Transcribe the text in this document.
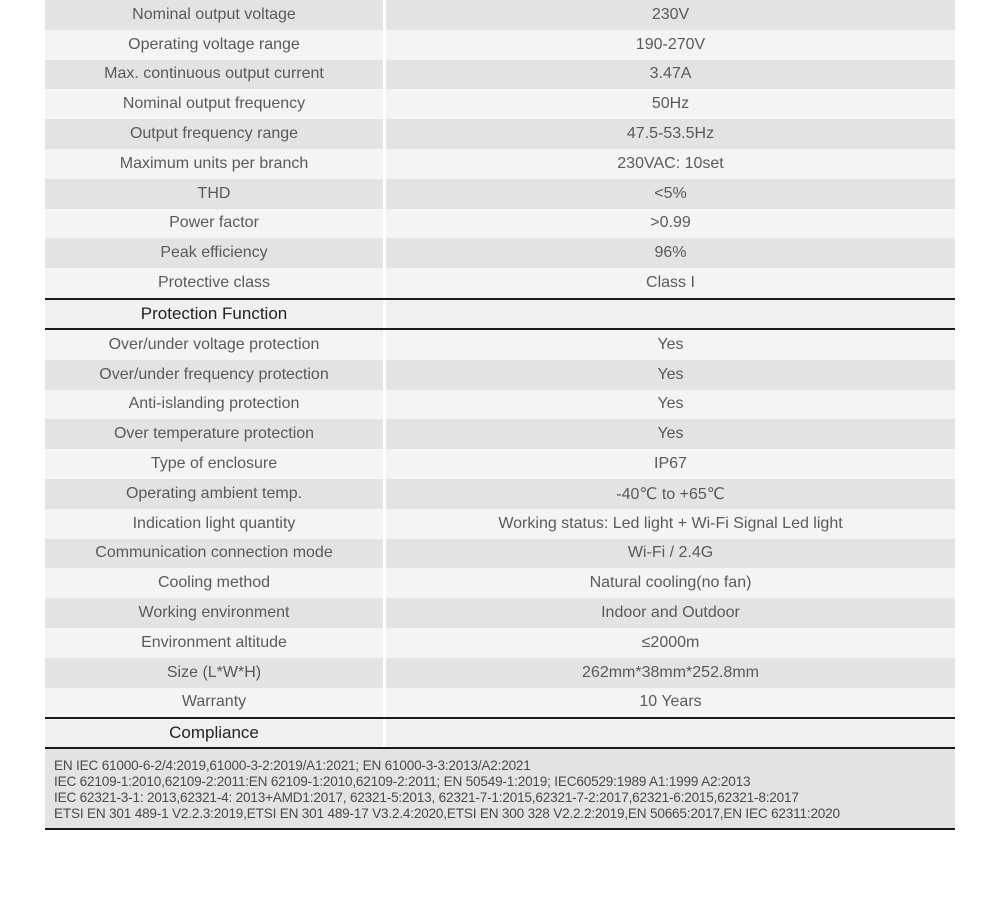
Nominal output voltage	230V
Operating voltage range	190-270V
Max. continuous output current	3.47A
Nominal output frequency	50Hz
Output frequency range	47.5-53.5Hz
Maximum units per branch	230VAC: 10set
THD	<5%
Power factor	>0.99
Peak efficiency	96%
Protective class	Class I
Protection Function
Over/under voltage protection	Yes
Over/under frequency protection	Yes
Anti-islanding protection	Yes
Over temperature protection	Yes
Type of enclosure	IP67
Operating ambient temp.	-40℃ to +65℃
Indication light quantity	Working status: Led light + Wi-Fi Signal Led light
Communication connection mode	Wi-Fi / 2.4G
Cooling method	Natural cooling(no fan)
Working environment	Indoor and Outdoor
Environment altitude	≤2000m
Size (L*W*H)	262mm*38mm*252.8mm
Warranty	10 Years
Compliance
EN IEC 61000-6-2/4:2019,61000-3-2:2019/A1:2021; EN 61000-3-3:2013/A2:2021
IEC 62109-1:2010,62109-2:2011:EN 62109-1:2010,62109-2:2011; EN 50549-1:2019; IEC60529:1989 A1:1999 A2:2013
IEC 62321-3-1: 2013,62321-4: 2013+AMD1:2017, 62321-5:2013, 62321-7-1:2015,62321-7-2:2017,62321-6:2015,62321-8:2017
ETSI EN 301 489-1 V2.2.3:2019,ETSI EN 301 489-17 V3.2.4:2020,ETSI EN 300 328 V2.2.2:2019,EN 50665:2017,EN IEC 62311:2020
